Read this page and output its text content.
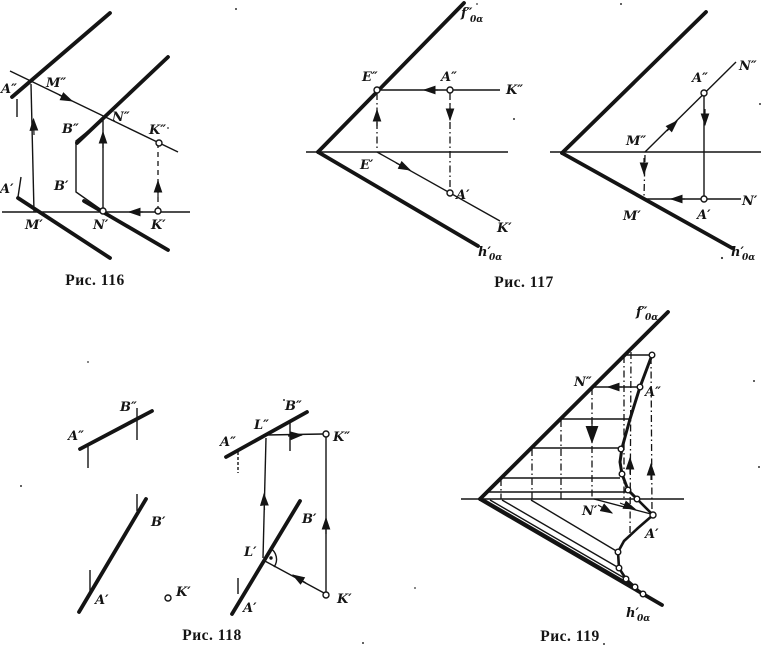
A″ M″
B″
N″
K″
A′	B′
M′	N′	K′
Рис. 116
f″
0α
E″	A″
K″
E′
A′
K′
h′
0α
Рис. 117
N″
A″
M″
M′	A′
N′
h′
0α
A″
B″
B′
A′
K′
Рис. 118
A″
L″
B″
K″
B′
L′
A′
K′
f″
0α
N″
A″
N′
A′
h′
0α
Рис. 119
